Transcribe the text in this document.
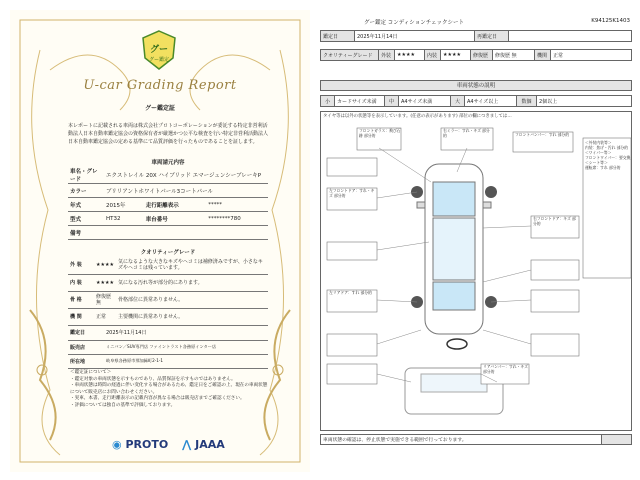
グー
グー鑑定
U-car Grading Report
グー鑑定証
本レポートに記載される車両は株式会社プロトコーポレーションが委託する特定非営利活動法人日本自動車鑑定協会の資格保有者が厳選かつ公平な検査を行い特定非営利活動法人日本自動車鑑定協会の定める基準にて品質評価を行ったものであることを証します。
車両請元内容
車名・グレード	エクストレイル 20X ハイブリッド エマージェンシーブレーキP		
カラー	ブリリアントホワイトパール3コートパール		
年式	2015年	走行距離表示	*****
型式	HT32	車台番号	********780
備考			
クオリティーグレード
外 装	★★★★	気になるような大きなキズやヘコミは補修済みですが、小さなキズやヘコミは残っています。
内 装	★★★★	気になる汚れ等が部分的にあります。
骨 格	修復歴 無	骨格部位に異常ありません。
機 関	正常	主要機関に異常ありません。
鑑定日	2025年11月14日
販売店	ミニバン／SUV専門店 ファイントラスト各務原インター店
所在地	岐阜県各務原市那加緑町2-1-1
＜鑑定証について＞
・鑑定対象の車両状態を示すものであり、品質保証を示すものではありません。
・車両状態は時間の経過に伴い変化する場合があるため、鑑定日をご確認の上、現在の車両状態について販売店にお問い合わせください。
・実車、本書、走行距離表示の記載内容が異なる場合は販売店までご確認ください。
・評価については独自の基準で評価しております。
◉ PROTO ⋀ JAAA
グー鑑定 コンディションチェックシート	K94125K1403
鑑定日	2025年11月14日	再鑑定日	
クオリティーグレード	外装	★★★★	内装	★★★★	修復歴	修復歴 無	機関	正常
車両状態の説明
小	カードサイズ未満	中	A4サイズ未満	大	A4サイズ以上	数個	2個以上
タイヤ等は以外の状態等を表示しています。(任意の表示があります) 部位の欄につきましては…
フロントガラス：飛び石跡 部分的
右ミラー：すれ・キズ 部分的	フロントバンパー：すれ 部分的
左フロントドア：すれ・キズ 部分的
右フロントドア：キズ 部分的
左リアドア：すれ 部分的
リアバンパー：すれ・キズ 部分的
＜外装内装等＞
内装：焦げ・汚れ 部分的
＜ワイパー等＞
フロントワイパー：要交換
＜シート等＞
運転席：すれ 部分的
車両状態の確認は、停止状態で実施できる範囲で行っております。	
